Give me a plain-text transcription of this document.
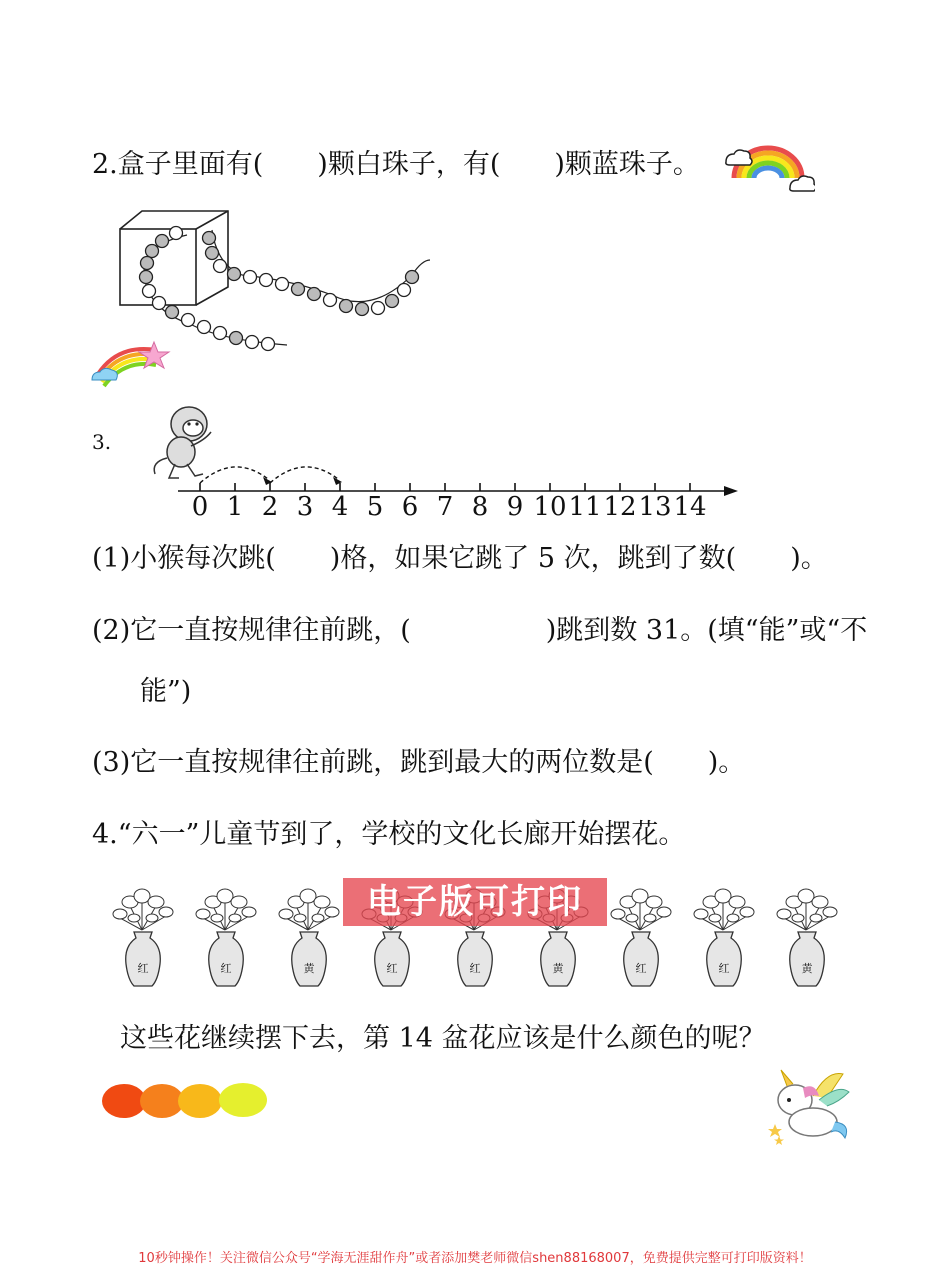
2.盒子里面有(　　)颗白珠子，有(　　)颗蓝珠子。
3.
0 1 2 3 4 5 6 7 8 9 10 11 12 13 14
(1)小猴每次跳(　　)格，如果它跳了 5 次，跳到了数(　　)。
(2)它一直按规律往前跳，(　　　　　)跳到数 31。(填“能”或“不
能”)
(3)它一直按规律往前跳，跳到最大的两位数是(　　)。
4.“六一”儿童节到了，学校的文化长廊开始摆花。
红	红	黄	红	红	黄	红	红	黄
电子版可打印
这些花继续摆下去，第 14 盆花应该是什么颜色的呢？
10秒钟操作！关注微信公众号“学海无涯甜作舟”或者添加樊老师微信shen88168007，免费提供完整可打印版资料！
